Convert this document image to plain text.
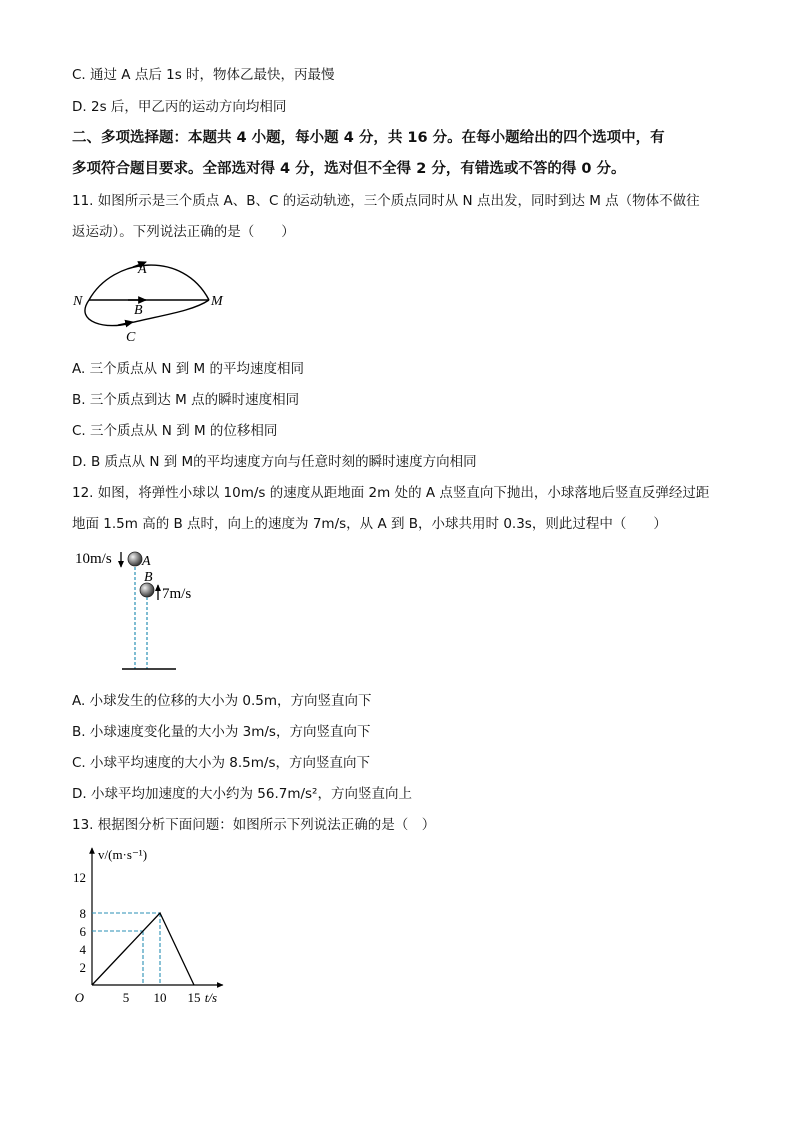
C. 通过 A 点后 1s 时，物体乙最快，丙最慢
D. 2s 后，甲乙丙的运动方向均相同
二、多项选择题：本题共 4 小题，每小题 4 分，共 16 分。在每小题给出的四个选项中，有
多项符合题目要求。全部选对得 4 分，选对但不全得 2 分，有错选或不答的得 0 分。
11. 如图所示是三个质点 A、B、C 的运动轨迹，三个质点同时从 N 点出发，同时到达 M 点（物体不做往
返运动）。下列说法正确的是（　　）
A
B
C
N	M
A. 三个质点从 N 到 M 的平均速度相同
B. 三个质点到达 M 点的瞬时速度相同
C. 三个质点从 N 到 M 的位移相同
D. B 质点从 N 到 M的平均速度方向与任意时刻的瞬时速度方向相同
12. 如图，将弹性小球以 10m/s 的速度从距地面 2m 处的 A 点竖直向下抛出，小球落地后竖直反弹经过距
地面 1.5m 高的 B 点时，向上的速度为 7m/s，从 A 到 B，小球共用时 0.3s，则此过程中（　　）
10m/s A
B
7m/s
A. 小球发生的位移的大小为 0.5m，方向竖直向下
B. 小球速度变化量的大小为 3m/s，方向竖直向下
C. 小球平均速度的大小为 8.5m/s，方向竖直向下
D. 小球平均加速度的大小约为 56.7m/s²，方向竖直向上
13. 根据图分析下面问题：如图所示下列说法正确的是（　）
2
4
6
8
12
5 10 15
O	t/s
v/(m·s⁻¹)
